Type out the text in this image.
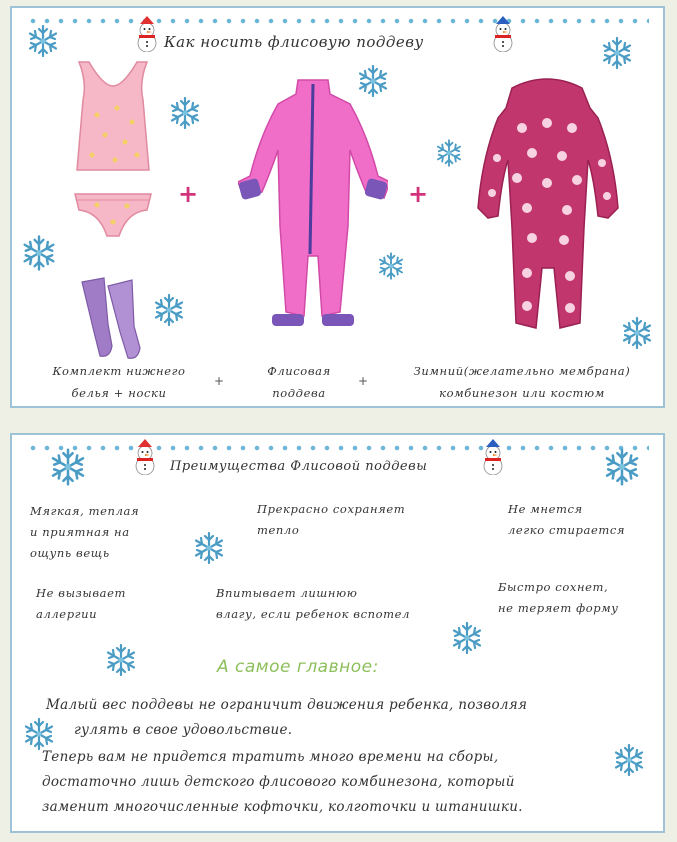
Как носить флисовую поддеву
+	+
Комплект нижнего белья + носки
+
Флисовая поддева
+
Зимний(желательно мембрана) комбинезон или костюм
Преимущества Флисовой поддевы
Мягкая, теплая
и приятная на
ощупь вещь
Прекрасно сохраняет
тепло
Не мнется
легко стирается
Не вызывает
аллергии
Впитывает лишнюю
влагу, если ребенок вспотел
Быстро сохнет,
не теряет форму
А самое главное:
Малый вес поддевы не ограничит движения ребенка, позволяя
гулять в свое удовольствие.
Теперь вам не придется тратить много времени на сборы,
достаточно лишь детского флисового комбинезона, который
заменит многочисленные кофточки, колготочки и штанишки.
